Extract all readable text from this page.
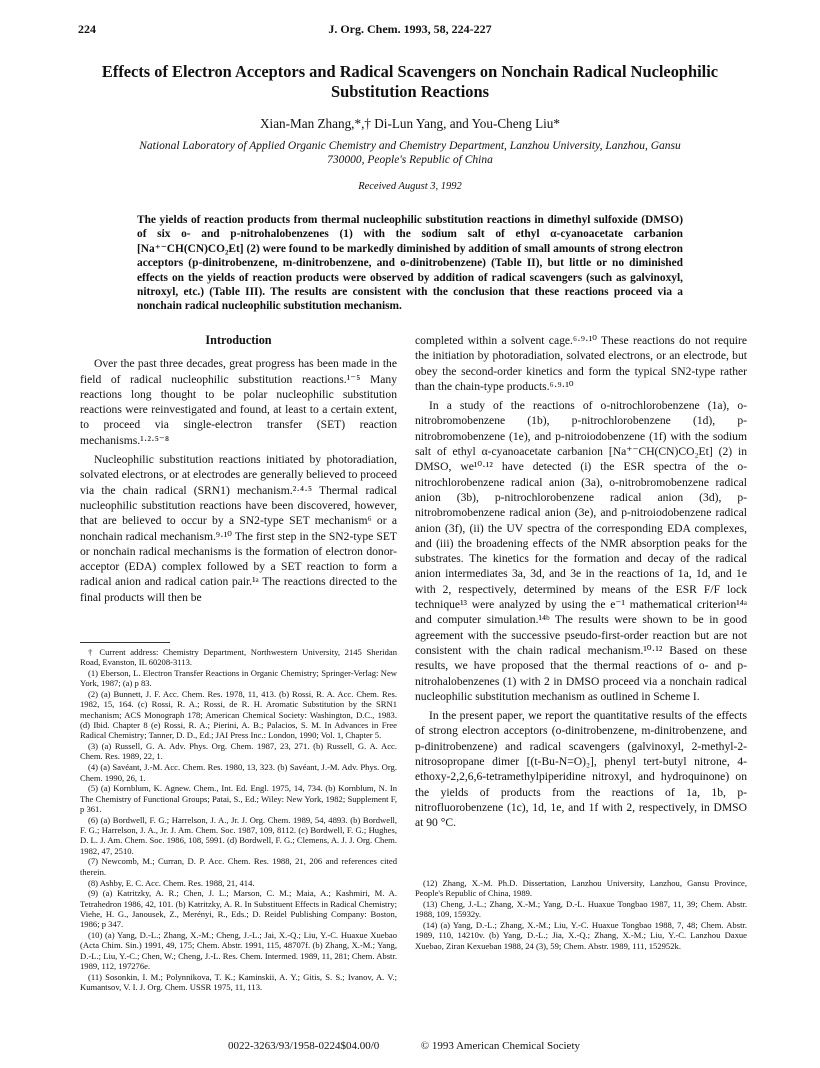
224	J. Org. Chem. 1993, 58, 224-227
Effects of Electron Acceptors and Radical Scavengers on Nonchain Radical Nucleophilic Substitution Reactions
Xian-Man Zhang,*,† Di-Lun Yang, and You-Cheng Liu*
National Laboratory of Applied Organic Chemistry and Chemistry Department, Lanzhou University, Lanzhou, Gansu 730000, People's Republic of China
Received August 3, 1992
The yields of reaction products from thermal nucleophilic substitution reactions in dimethyl sulfoxide (DMSO) of six o- and p-nitrohalobenzenes (1) with the sodium salt of ethyl α-cyanoacetate carbanion [Na⁺⁻CH(CN)CO₂Et] (2) were found to be markedly diminished by addition of small amounts of strong electron acceptors (p-dinitrobenzene, m-dinitrobenzene, and o-dinitrobenzene) (Table II), but little or no diminished effects on the yields of reaction products were observed by addition of radical scavengers (such as galvinoxyl, nitroxyl, etc.) (Table III). The results are consistent with the conclusion that these reactions proceed via a nonchain radical nucleophilic substitution mechanism.
Introduction

Over the past three decades, great progress has been made in the field of radical nucleophilic substitution reactions.¹⁻⁵ Many reactions long thought to be polar nucleophilic substitution reactions were reinvestigated and found, at least to a certain extent, to proceed via single-electron transfer (SET) reaction mechanisms.¹·²·⁵⁻⁸

Nucleophilic substitution reactions initiated by photoradiation, solvated electrons, or at electrodes are generally believed to proceed via the chain radical (SRN1) mechanism.²·⁴·⁵ Thermal radical nucleophilic substitution reactions have been discovered, however, that are believed to occur by a SN2-type SET mechanism⁶ or a nonchain radical mechanism.⁹·¹⁰ The first step in the SN2-type SET or nonchain radical mechanisms is the formation of electron donor-acceptor (EDA) complex followed by a SET reaction to form a radical anion and radical cation pair.¹ᵃ The reactions directed to the final products will then be

completed within a solvent cage.⁶·⁹·¹⁰ These reactions do not require the initiation by photoradiation, solvated electrons, or an electrode, but obey the second-order kinetics and form the typical SN2-type rather than the chain-type products.⁶·⁹·¹⁰

In a study of the reactions of o-nitrochlorobenzene (1a), o-nitrobromobenzene (1b), p-nitrochlorobenzene (1d), p-nitrobromobenzene (1e), and p-nitroiodobenzene (1f) with the sodium salt of ethyl α-cyanoacetate carbanion [Na⁺⁻CH(CN)CO₂Et] (2) in DMSO, we¹⁰·¹² have detected (i) the ESR spectra of the o-nitrochlorobenzene radical anion (3a), o-nitrobromobenzene radical anion (3b), p-nitrochlorobenzene radical anion (3d), p-nitrobromobenzene radical anion (3e), and p-nitroiodobenzene radical anion (3f), (ii) the UV spectra of the corresponding EDA complexes, and (iii) the broadening effects of the NMR absorption peaks for the substrates. The kinetics for the formation and decay of the radical anion intermediates 3a, 3d, and 3e in the reactions of 1a, 1d, and 1e with 2, respectively, determined by means of the ESR F/F lock technique¹³ were analyzed by using the e⁻¹ mathematical criterion¹⁴ᵃ and computer simulation.¹⁴ᵇ The results were shown to be in good agreement with the successive pseudo-first-order reaction but are not consistent with the chain radical mechanism.¹⁰·¹² Based on these results, we have proposed that the thermal reactions of o- and p-nitrohalobenzenes (1) with 2 in DMSO proceed via a nonchain radical nucleophilic substitution mechanism as outlined in Scheme I.

In the present paper, we report the quantitative results of the effects of strong electron acceptors (o-dinitrobenzene, m-dinitrobenzene, and p-dinitrobenzene) and radical scavengers (galvinoxyl, 2-methyl-2-nitrosopropane dimer [(t-Bu-N=O)₂], phenyl tert-butyl nitrone, 4-ethoxy-2,2,6,6-tetramethylpiperidine nitroxyl, and hydroquinone) on the yields of products from the reactions of 1a, 1b, p-nitrofluorobenzene (1c), 1d, 1e, and 1f with 2, respectively, in DMSO at 90 °C.

† Current address: Chemistry Department, Northwestern University, 2145 Sheridan Road, Evanston, IL 60208-3113.

(1) Eberson, L. Electron Transfer Reactions in Organic Chemistry; Springer-Verlag: New York, 1987; (a) p 83.

(2) (a) Bunnett, J. F. Acc. Chem. Res. 1978, 11, 413. (b) Rossi, R. A. Acc. Chem. Res. 1982, 15, 164. (c) Rossi, R. A.; Rossi, de R. H. Aromatic Substitution by the SRN1 mechanism; ACS Monograph 178; American Chemical Society: Washington, D.C., 1983. (d) Ibid. Chapter 8 (e) Rossi, R. A.; Pierini, A. B.; Palacios, S. M. In Advances in Free Radical Chemistry; Tanner, D. D., Ed.; JAI Press Inc.: London, 1990; Vol. 1, Chapter 5.

(3) (a) Russell, G. A. Adv. Phys. Org. Chem. 1987, 23, 271. (b) Russell, G. A. Acc. Chem. Res. 1989, 22, 1.

(4) (a) Savéant, J.-M. Acc. Chem. Res. 1980, 13, 323. (b) Savéant, J.-M. Adv. Phys. Org. Chem. 1990, 26, 1.

(5) (a) Kornblum, K. Agnew. Chem., Int. Ed. Engl. 1975, 14, 734. (b) Kornblum, N. In The Chemistry of Functional Groups; Patai, S., Ed.; Wiley: New York, 1982; Supplement F, p 361.

(6) (a) Bordwell, F. G.; Harrelson, J. A., Jr. J. Org. Chem. 1989, 54, 4893. (b) Bordwell, F. G.; Harrelson, J. A., Jr. J. Am. Chem. Soc. 1987, 109, 8112. (c) Bordwell, F. G.; Hughes, D. L. J. Am. Chem. Soc. 1986, 108, 5991. (d) Bordwell, F. G.; Clemens, A. J. J. Org. Chem. 1982, 47, 2510.

(7) Newcomb, M.; Curran, D. P. Acc. Chem. Res. 1988, 21, 206 and references cited therein.

(8) Ashby, E. C. Acc. Chem. Res. 1988, 21, 414.

(9) (a) Katritzky, A. R.; Chen, J. L.; Marson, C. M.; Maia, A.; Kashmiri, M. A. Tetrahedron 1986, 42, 101. (b) Katritzky, A. R. In Substituent Effects in Radical Chemistry; Viehe, H. G., Janousek, Z., Merényi, R., Eds.; D. Reidel Publishing Company: Boston, 1986; p 347.

(10) (a) Yang, D.-L.; Zhang, X.-M.; Cheng, J.-L.; Jai, X.-Q.; Liu, Y.-C. Huaxue Xuebao (Acta Chim. Sin.) 1991, 49, 175; Chem. Abstr. 1991, 115, 48707f. (b) Zhang, X.-M.; Yang, D.-L.; Liu, Y.-C.; Chen, W.; Cheng, J.-L. Res. Chem. Intermed. 1989, 11, 281; Chem. Abstr. 1989, 112, 197276e.

(11) Sosonkin, I. M.; Polynnikova, T. K.; Kaminskii, A. Y.; Gitis, S. S.; Ivanov, A. V.; Kumantsov, V. I. J. Org. Chem. USSR 1975, 11, 113.

(12) Zhang, X.-M. Ph.D. Dissertation, Lanzhou University, Lanzhou, Gansu Province, People's Republic of China, 1989.

(13) Cheng, J.-L.; Zhang, X.-M.; Yang, D.-L. Huaxue Tongbao 1987, 11, 39; Chem. Abstr. 1988, 109, 15932y.

(14) (a) Yang, D.-L.; Zhang, X.-M.; Liu, Y.-C. Huaxue Tongbao 1988, 7, 48; Chem. Abstr. 1989, 110, 14210v. (b) Yang, D.-L.; Jia, X.-Q.; Zhang, X.-M.; Liu, Y.-C. Lanzhou Daxue Xuebao, Ziran Kexueban 1988, 24 (3), 59; Chem. Abstr. 1989, 111, 152952k.

0022-3263/93/1958-0224$04.00/0	© 1993 American Chemical Society
